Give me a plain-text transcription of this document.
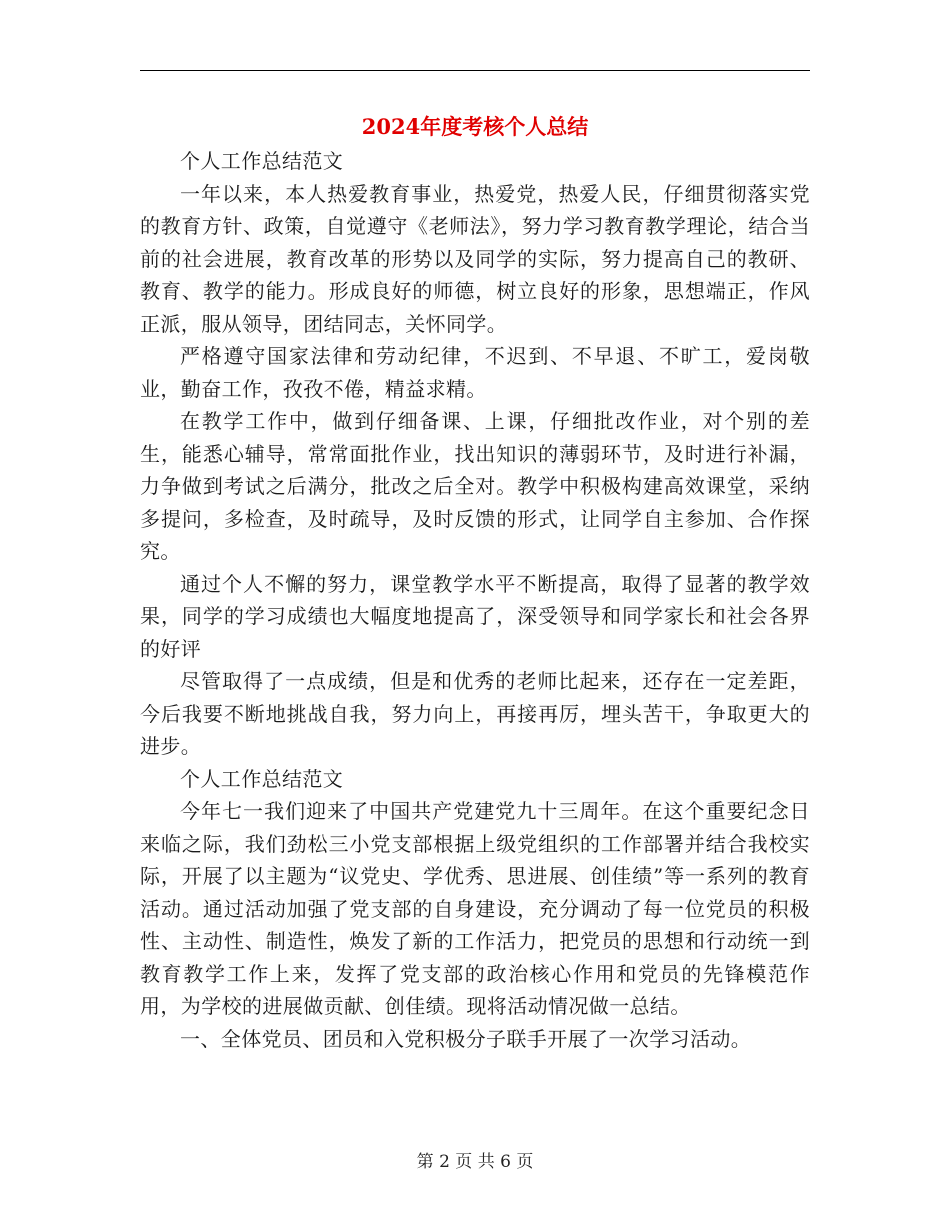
2024年度考核个人总结

个人工作总结范文

一年以来，本人热爱教育事业，热爱党，热爱人民，仔细贯彻落实党的教育方针、政策，自觉遵守《老师法》，努力学习教育教学理论，结合当前的社会进展，教育改革的形势以及同学的实际，努力提高自己的教研、教育、教学的能力。形成良好的师德，树立良好的形象，思想端正，作风正派，服从领导，团结同志，关怀同学。

严格遵守国家法律和劳动纪律，不迟到、不早退、不旷工，爱岗敬业，勤奋工作，孜孜不倦，精益求精。

在教学工作中，做到仔细备课、上课，仔细批改作业，对个别的差生，能悉心辅导，常常面批作业，找出知识的薄弱环节，及时进行补漏，力争做到考试之后满分，批改之后全对。教学中积极构建高效课堂，采纳多提问，多检查，及时疏导，及时反馈的形式，让同学自主参加、合作探究。

通过个人不懈的努力，课堂教学水平不断提高，取得了显著的教学效果，同学的学习成绩也大幅度地提高了，深受领导和同学家长和社会各界的好评

尽管取得了一点成绩，但是和优秀的老师比起来，还存在一定差距，今后我要不断地挑战自我，努力向上，再接再厉，埋头苦干，争取更大的进步。

个人工作总结范文

今年七一我们迎来了中国共产党建党九十三周年。在这个重要纪念日来临之际，我们劲松三小党支部根据上级党组织的工作部署并结合我校实际，开展了以主题为“议党史、学优秀、思进展、创佳绩”等一系列的教育活动。通过活动加强了党支部的自身建设，充分调动了每一位党员的积极性、主动性、制造性，焕发了新的工作活力，把党员的思想和行动统一到教育教学工作上来，发挥了党支部的政治核心作用和党员的先锋模范作用，为学校的进展做贡献、创佳绩。现将活动情况做一总结。

一、全体党员、团员和入党积极分子联手开展了一次学习活动。

第 2 页 共 6 页
